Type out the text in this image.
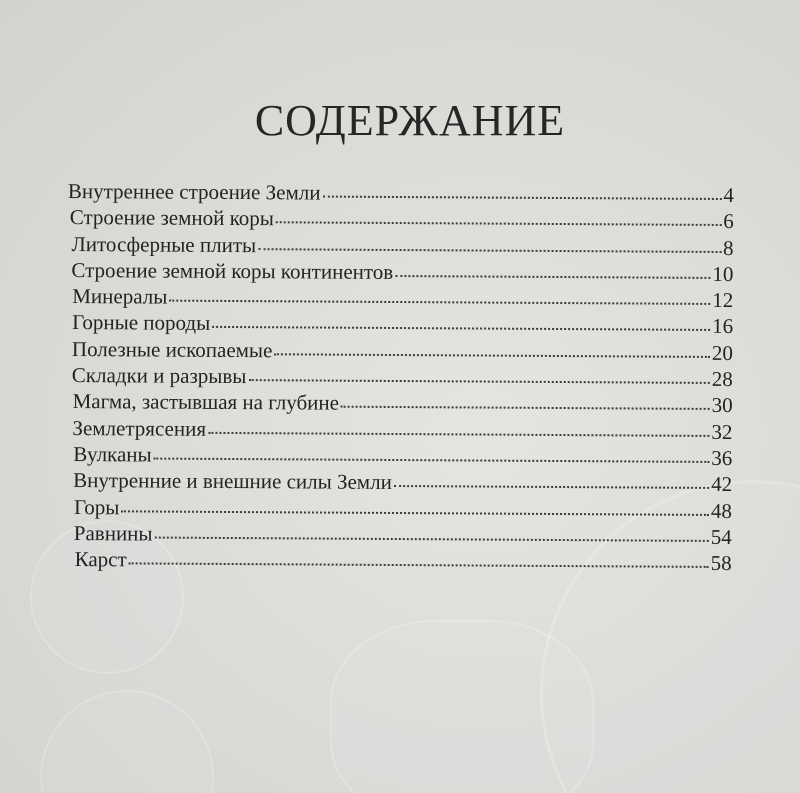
СОДЕРЖАНИЕ
Внутреннее строение Земли	4
Строение земной коры	6
Литосферные плиты	8
Строение земной коры континентов	10
Минералы	12
Горные породы	16
Полезные ископаемые	20
Складки и разрывы	28
Магма, застывшая на глубине	30
Землетрясения	32
Вулканы	36
Внутренние и внешние силы Земли	42
Горы	48
Равнины	54
Карст	58
